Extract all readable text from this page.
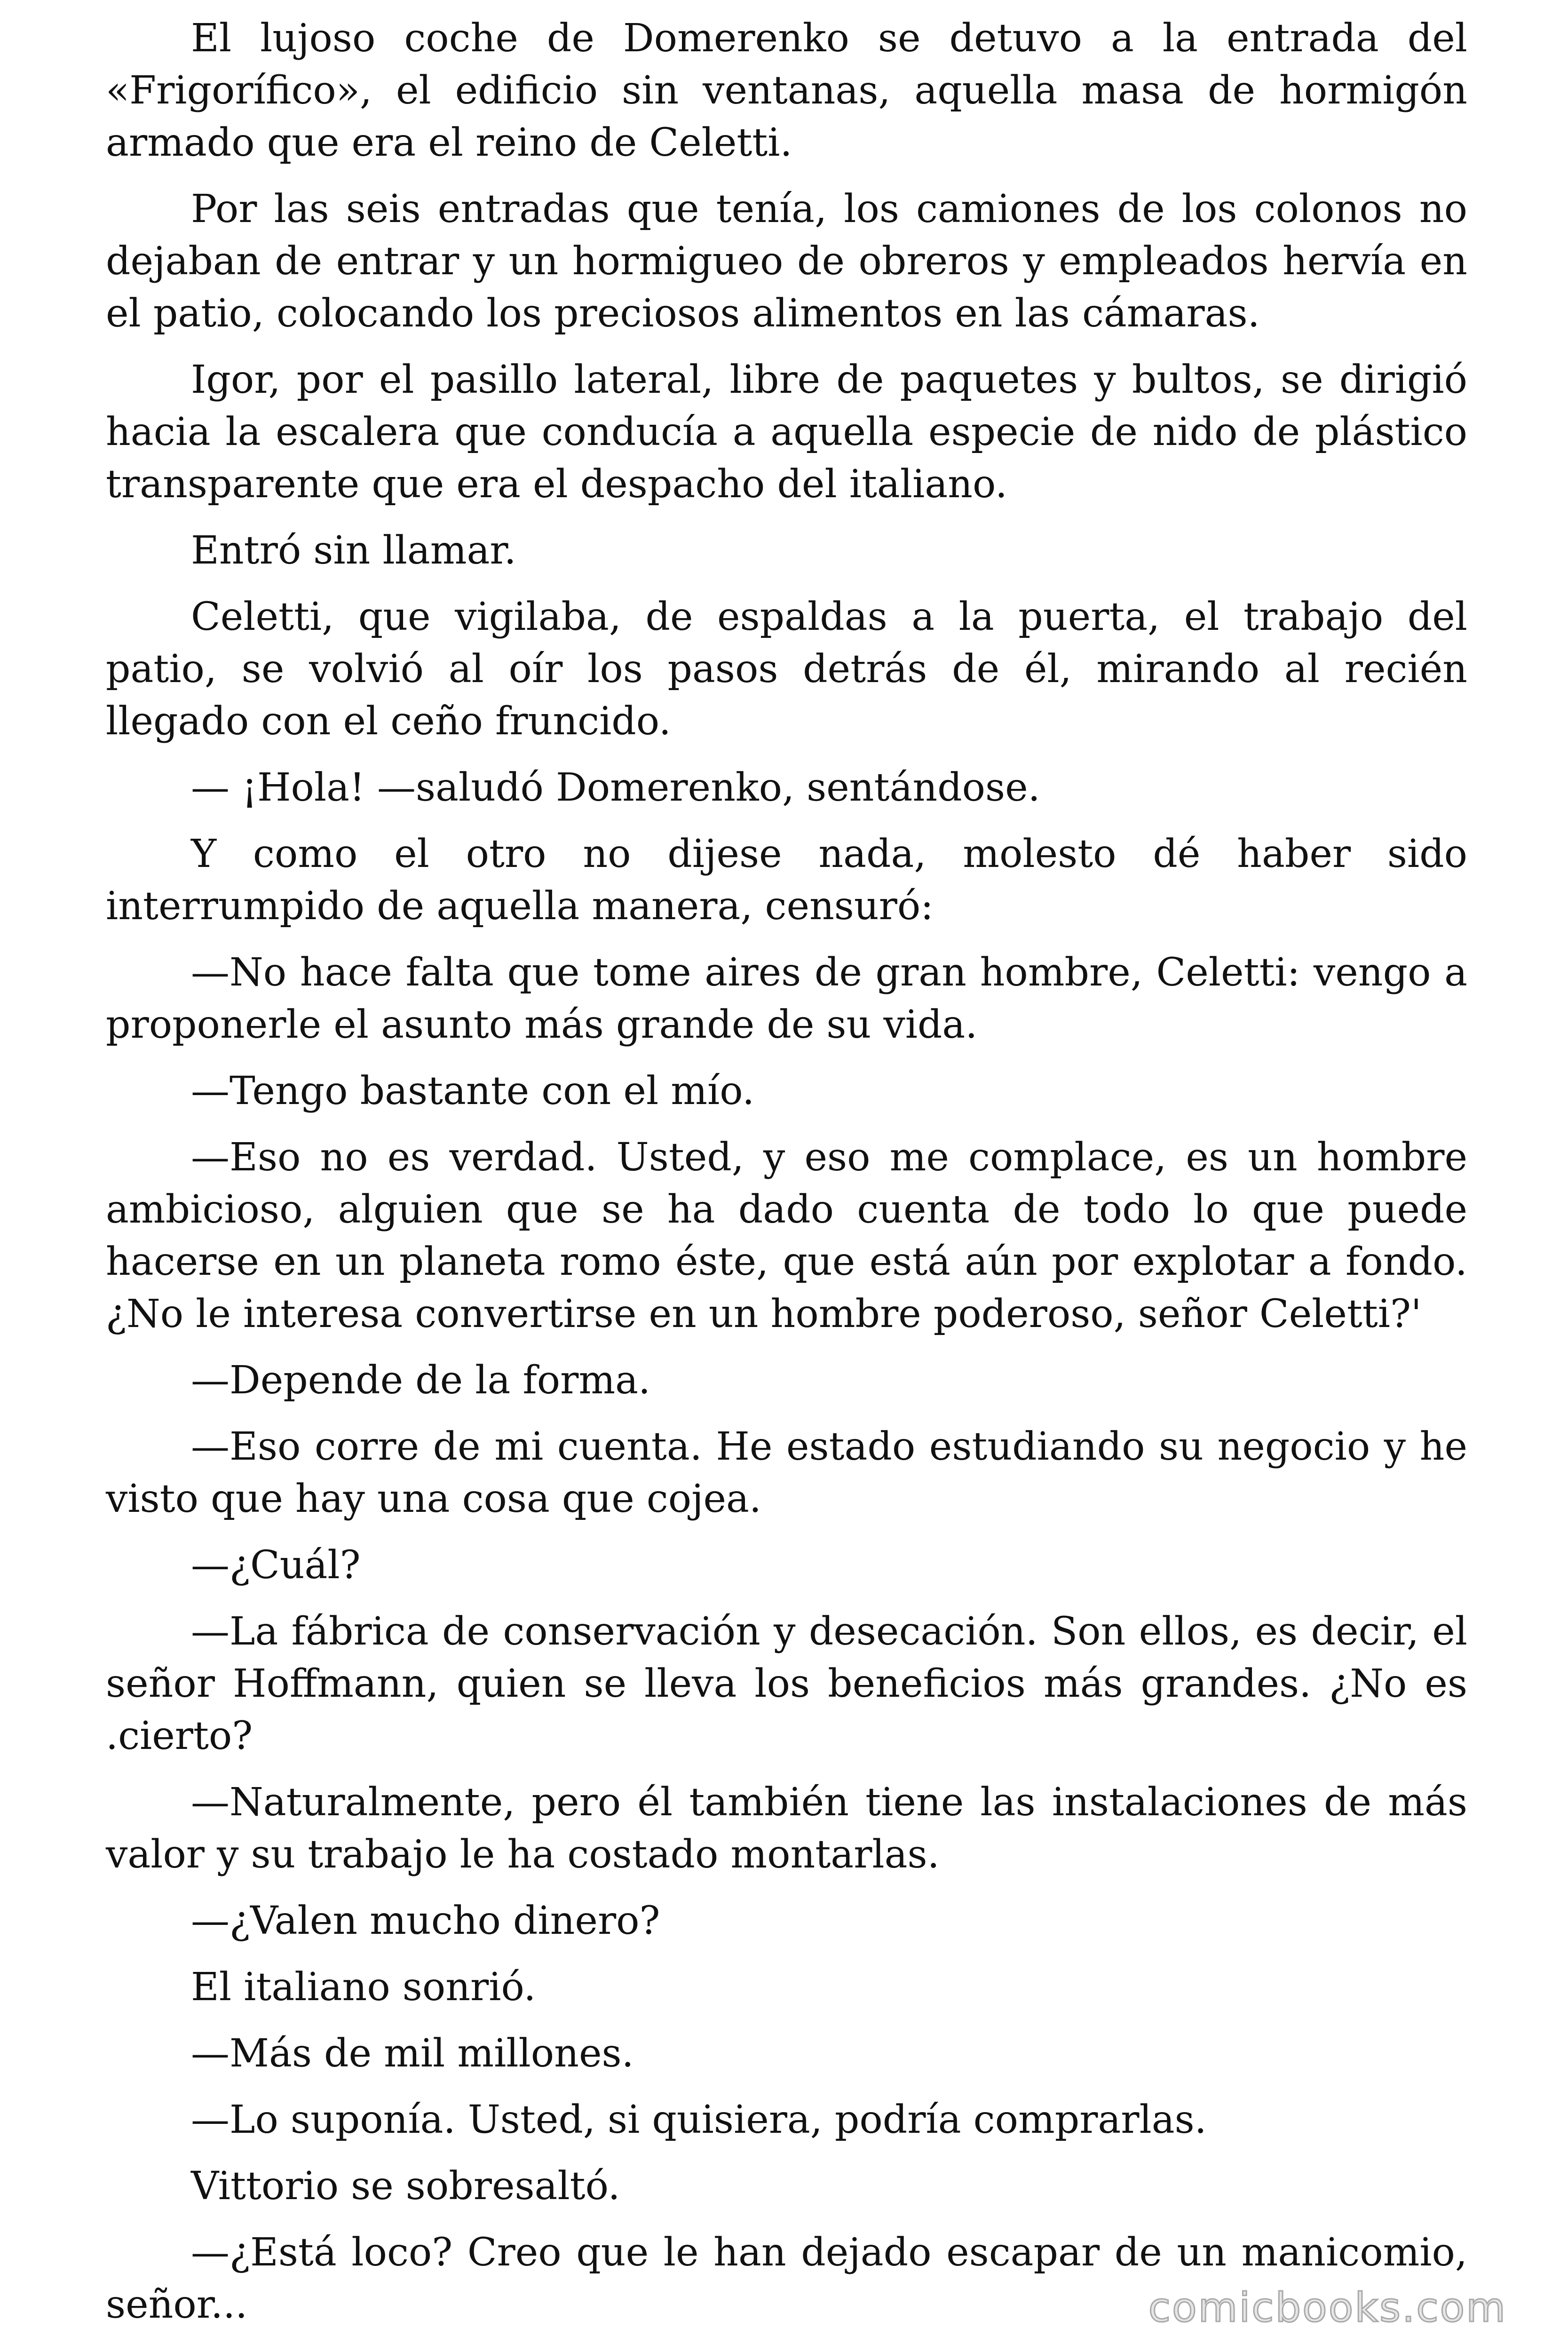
El lujoso coche de Domerenko se detuvo a la entrada del «Frigorífico», el edificio sin ventanas, aquella masa de hormigón armado que era el reino de Celetti.

Por las seis entradas que tenía, los camiones de los colonos no dejaban de entrar y un hormigueo de obreros y empleados hervía en el patio, colocando los preciosos alimentos en las cámaras.

Igor, por el pasillo lateral, libre de paquetes y bultos, se dirigió hacia la escalera que conducía a aquella especie de nido de plástico transparente que era el despacho del italiano.

Entró sin llamar.

Celetti, que vigilaba, de espaldas a la puerta, el trabajo del patio, se volvió al oír los pasos detrás de él, mirando al recién llegado con el ceño fruncido.

— ¡Hola! —saludó Domerenko, sentándose.

Y como el otro no dijese nada, molesto dé haber sido interrumpido de aquella manera, censuró:

—No hace falta que tome aires de gran hombre, Celetti: vengo a proponerle el asunto más grande de su vida.

—Tengo bastante con el mío.

—Eso no es verdad. Usted, y eso me complace, es un hombre ambicioso, alguien que se ha dado cuenta de todo lo que puede hacerse en un planeta romo éste, que está aún por explotar a fondo. ¿No le interesa convertirse en un hombre poderoso, señor Celetti?'

—Depende de la forma.

—Eso corre de mi cuenta. He estado estudiando su negocio y he visto que hay una cosa que cojea.

—¿Cuál?

—La fábrica de conservación y desecación. Son ellos, es decir, el señor Hoffmann, quien se lleva los beneficios más grandes. ¿No es .cierto?

—Naturalmente, pero él también tiene las instalaciones de más valor y su trabajo le ha costado montarlas.

—¿Valen mucho dinero?

El italiano sonrió.

—Más de mil millones.

—Lo suponía. Usted, si quisiera, podría comprarlas.

Vittorio se sobresaltó.

—¿Está loco? Creo que le han dejado escapar de un manicomio, señor...	comicbooks.com
